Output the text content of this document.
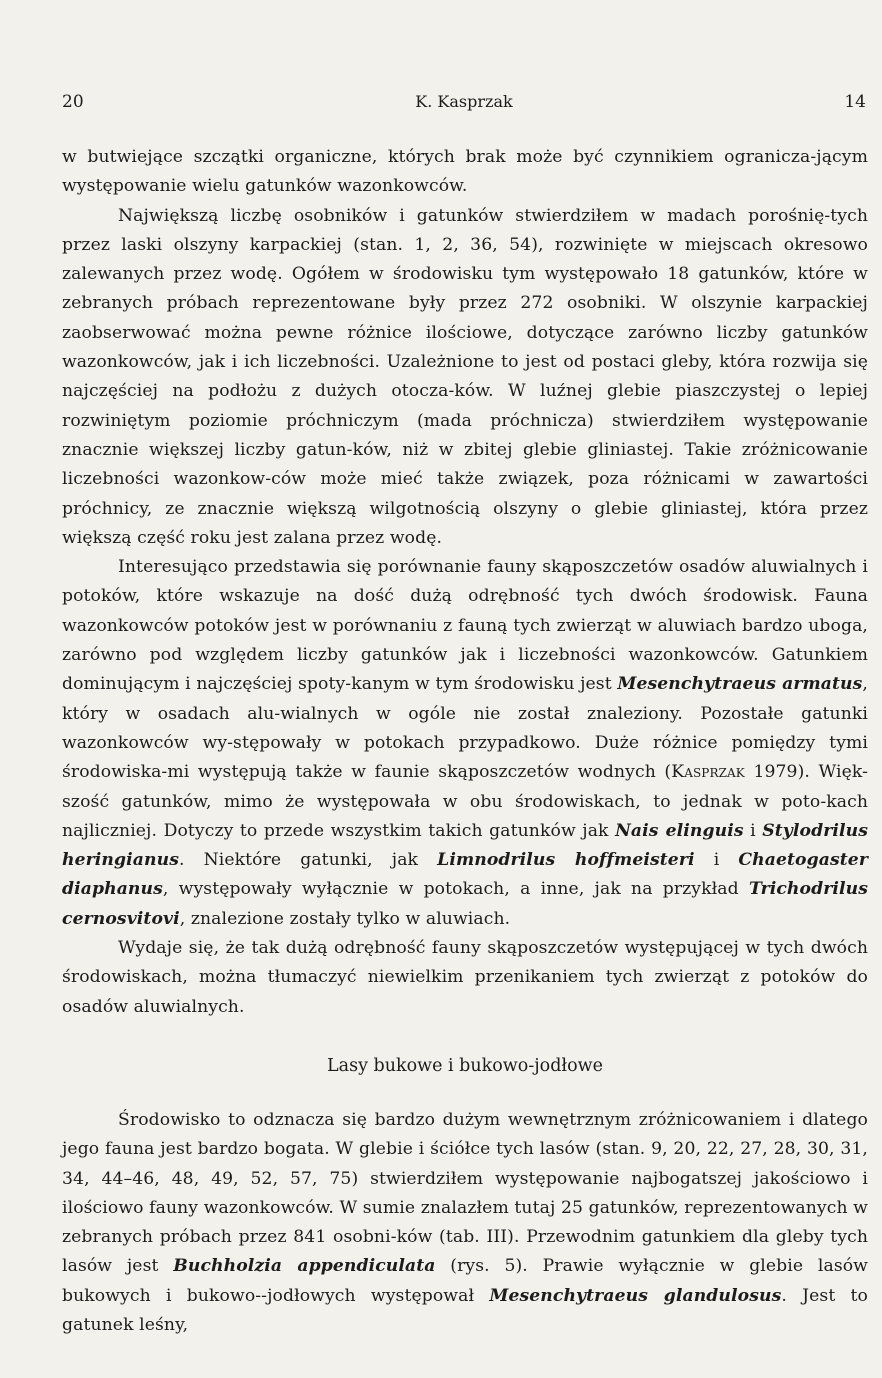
20	K. Kasprzak	14

w butwiejące szczątki organiczne, których brak może być czynnikiem ogranicza-jącym występowanie wielu gatunków wazonkowców.

Największą liczbę osobników i gatunków stwierdziłem w madach porośnię-tych przez laski olszyny karpackiej (stan. 1, 2, 36, 54), rozwinięte w miejscach okresowo zalewanych przez wodę. Ogółem w środowisku tym występowało 18 gatunków, które w zebranych próbach reprezentowane były przez 272 osobniki. W olszynie karpackiej zaobserwować można pewne różnice ilościowe, dotyczące zarówno liczby gatunków wazonkowców, jak i ich liczebności. Uzależnione to jest od postaci gleby, która rozwija się najczęściej na podłożu z dużych otocza-ków. W luźnej glebie piaszczystej o lepiej rozwiniętym poziomie próchniczym (mada próchnicza) stwierdziłem występowanie znacznie większej liczby gatun-ków, niż w zbitej glebie gliniastej. Takie zróżnicowanie liczebności wazonkow-ców może mieć także związek, poza różnicami w zawartości próchnicy, ze znacznie większą wilgotnością olszyny o glebie gliniastej, która przez większą część roku jest zalana przez wodę.

Interesująco przedstawia się porównanie fauny skąposzczetów osadów aluwialnych i potoków, które wskazuje na dość dużą odrębność tych dwóch środowisk. Fauna wazonkowców potoków jest w porównaniu z fauną tych zwierząt w aluwiach bardzo uboga, zarówno pod względem liczby gatunków jak i liczebności wazonkowców. Gatunkiem dominującym i najczęściej spoty-kanym w tym środowisku jest Mesenchytraeus armatus, który w osadach alu-wialnych w ogóle nie został znaleziony. Pozostałe gatunki wazonkowców wy-stępowały w potokach przypadkowo. Duże różnice pomiędzy tymi środowiska-mi występują także w faunie skąposzczetów wodnych (Kasprzak 1979). Więk-szość gatunków, mimo że występowała w obu środowiskach, to jednak w poto-kach najliczniej. Dotyczy to przede wszystkim takich gatunków jak Nais elinguis i Stylodrilus heringianus. Niektóre gatunki, jak Limnodrilus hoffmeisteri i Chaetogaster diaphanus, występowały wyłącznie w potokach, a inne, jak na przykład Trichodrilus cernosvitovi, znalezione zostały tylko w aluwiach.

Wydaje się, że tak dużą odrębność fauny skąposzczetów występującej w tych dwóch środowiskach, można tłumaczyć niewielkim przenikaniem tych zwierząt z potoków do osadów aluwialnych.

Lasy bukowe i bukowo-jodłowe

Środowisko to odznacza się bardzo dużym wewnętrznym zróżnicowaniem i dlatego jego fauna jest bardzo bogata. W glebie i ściółce tych lasów (stan. 9, 20, 22, 27, 28, 30, 31, 34, 44–46, 48, 49, 52, 57, 75) stwierdziłem występowanie najbogatszej jakościowo i ilościowo fauny wazonkowców. W sumie znalazłem tutaj 25 gatunków, reprezentowanych w zebranych próbach przez 841 osobni-ków (tab. III). Przewodnim gatunkiem dla gleby tych lasów jest Buchholzia appendiculata (rys. 5). Prawie wyłącznie w glebie lasów bukowych i bukowo--jodłowych występował Mesenchytraeus glandulosus. Jest to gatunek leśny,
